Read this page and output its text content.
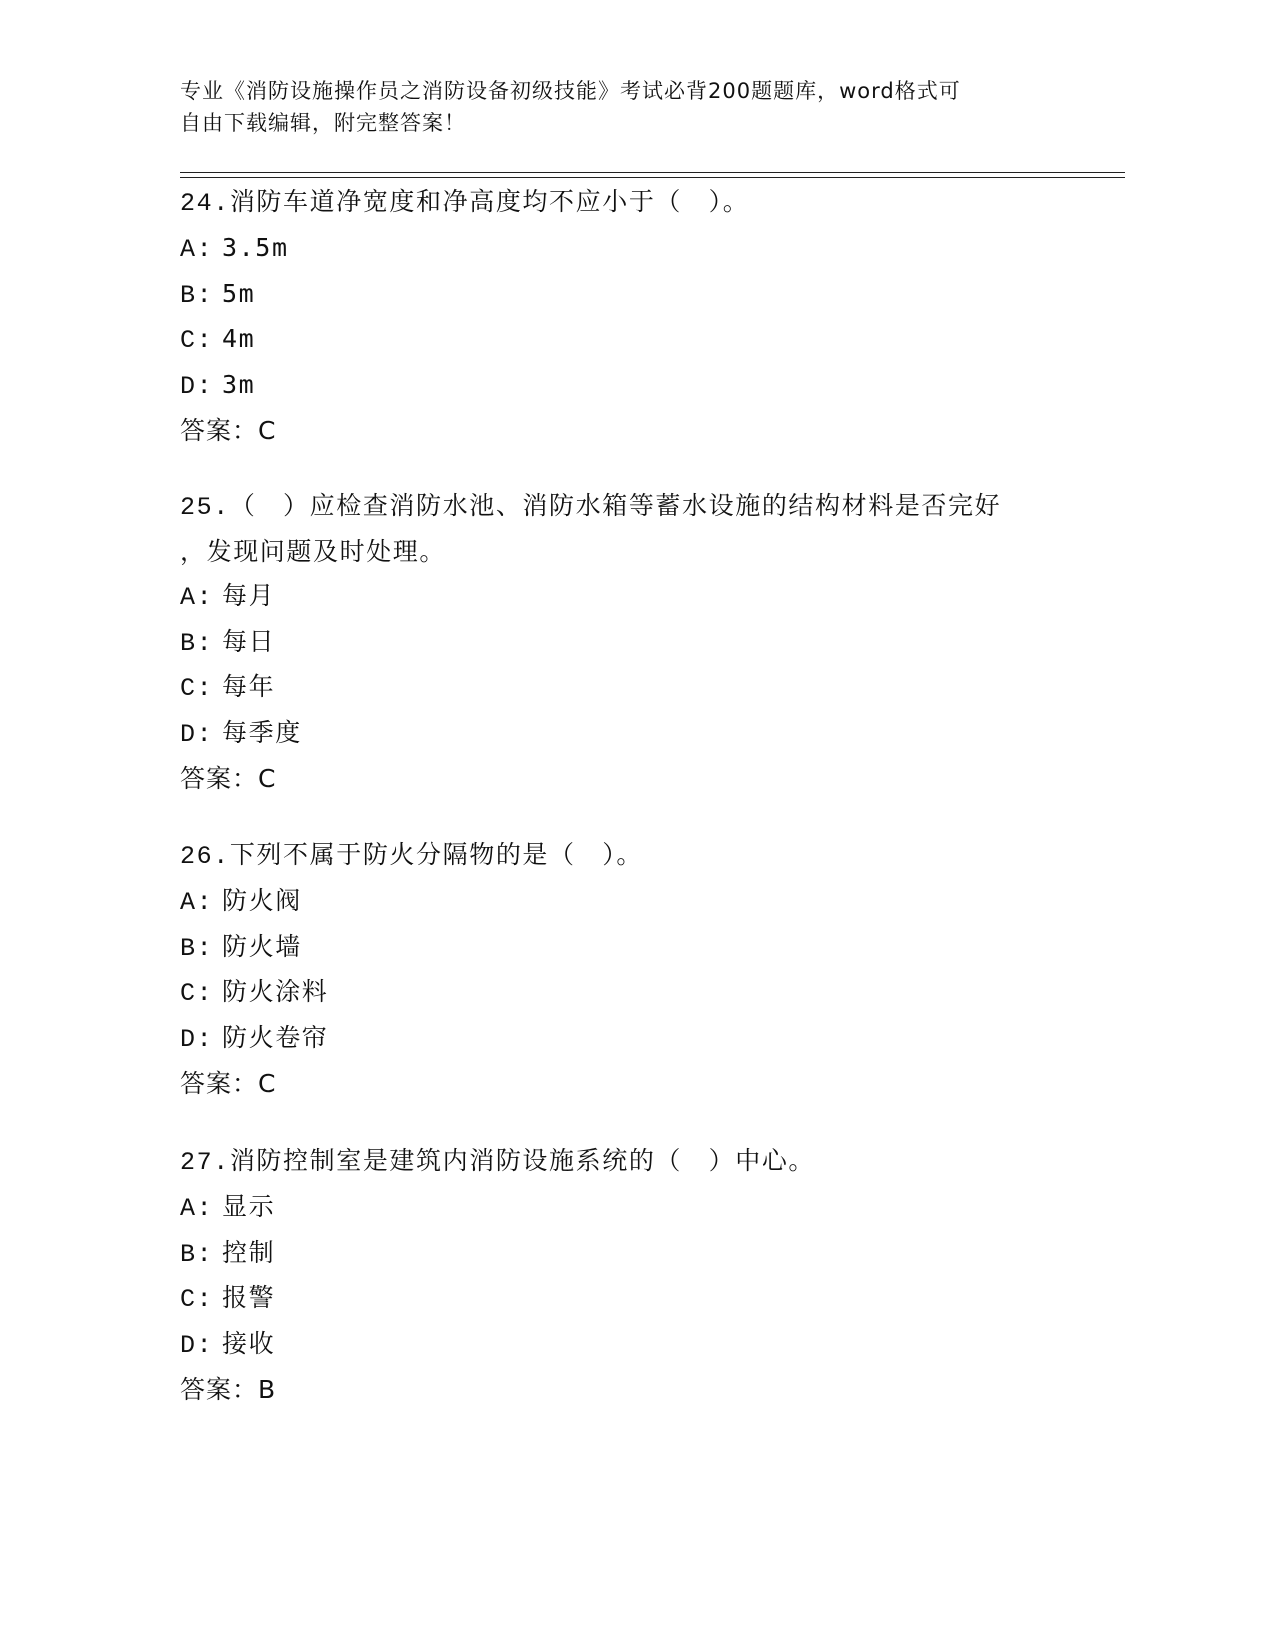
专业《消防设施操作员之消防设备初级技能》考试必背200题题库，word格式可
自由下载编辑，附完整答案！
24.消防车道净宽度和净高度均不应小于（　）。
A: 3.5m
B: 5m
C: 4m
D: 3m
答案：C
25.（　）应检查消防水池、消防水箱等蓄水设施的结构材料是否完好
，发现问题及时处理。
A: 每月
B: 每日
C: 每年
D: 每季度
答案：C
26.下列不属于防火分隔物的是（　）。
A: 防火阀
B: 防火墙
C: 防火涂料
D: 防火卷帘
答案：C
27.消防控制室是建筑内消防设施系统的（　）中心。
A: 显示
B: 控制
C: 报警
D: 接收
答案：B
